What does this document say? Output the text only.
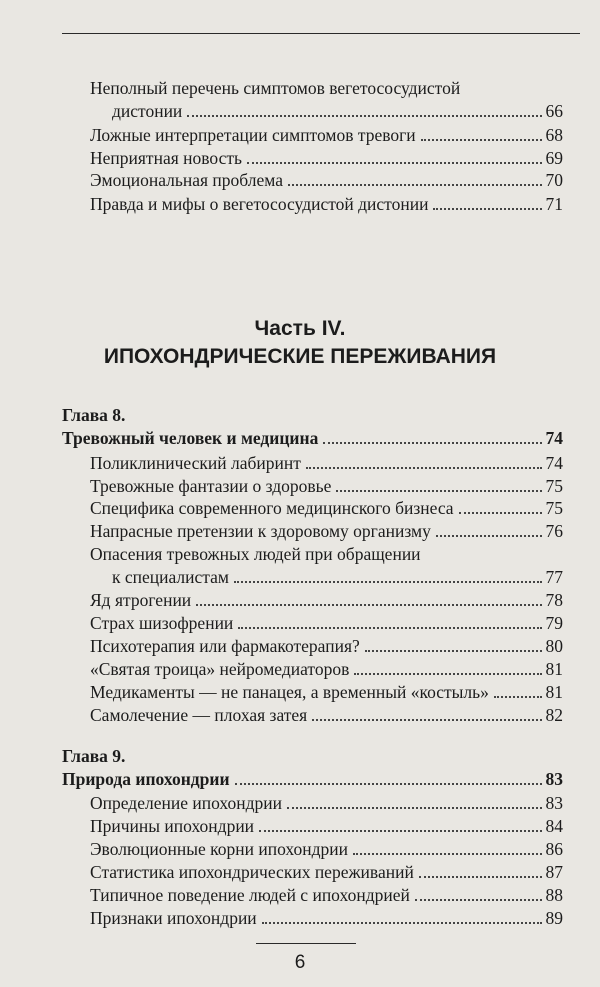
Неполный перечень симптомов вегетососудистой
дистонии	66
Ложные интерпретации симптомов тревоги	68
Неприятная новость	69
Эмоциональная проблема	70
Правда и мифы о вегетососудистой дистонии	71
Часть IV.
ИПОХОНДРИЧЕСКИЕ ПЕРЕЖИВАНИЯ
Глава 8.
Тревожный человек и медицина	74
Поликлинический лабиринт	74
Тревожные фантазии о здоровье	75
Специфика современного медицинского бизнеса	75
Напрасные претензии к здоровому организму	76
Опасения тревожных людей при обращении
к специалистам	77
Яд ятрогении	78
Страх шизофрении	79
Психотерапия или фармакотерапия?	80
«Святая троица» нейромедиаторов	81
Медикаменты — не панацея, а временный «костыль»	81
Самолечение — плохая затея	82
Глава 9.
Природа ипохондрии	83
Определение ипохондрии	83
Причины ипохондрии	84
Эволюционные корни ипохондрии	86
Статистика ипохондрических переживаний	87
Типичное поведение людей с ипохондрией	88
Признаки ипохондрии	89
6
